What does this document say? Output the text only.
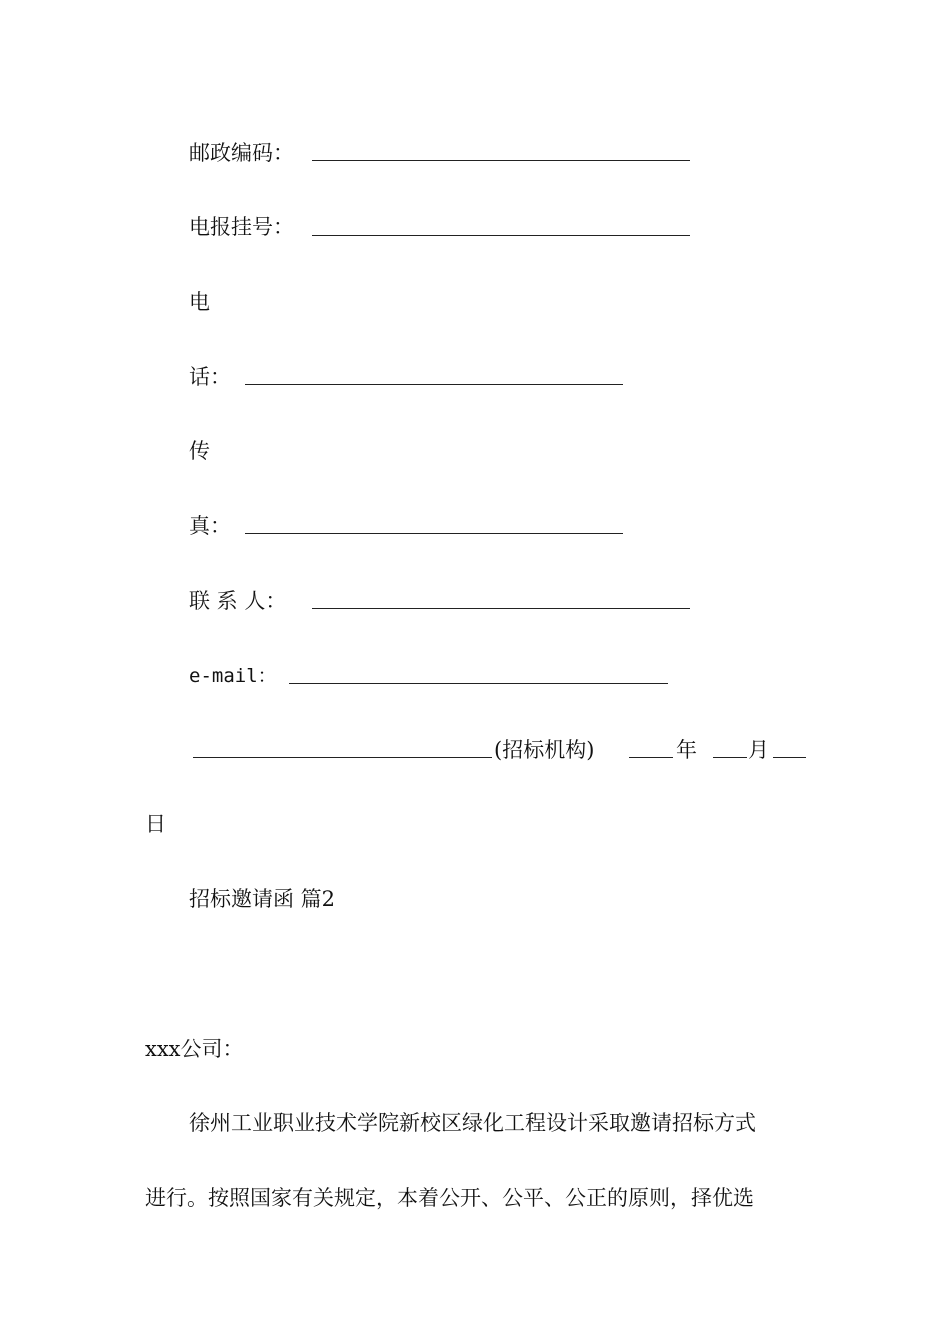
邮政编码：
电报挂号：
电
话：
传
真：
联 系 人：
e-mail：
(招标机构)	年 月
日
招标邀请函 篇2
xxx公司：
徐州工业职业技术学院新校区绿化工程设计采取邀请招标方式
进行。按照国家有关规定，本着公开、公平、公正的原则，择优选
